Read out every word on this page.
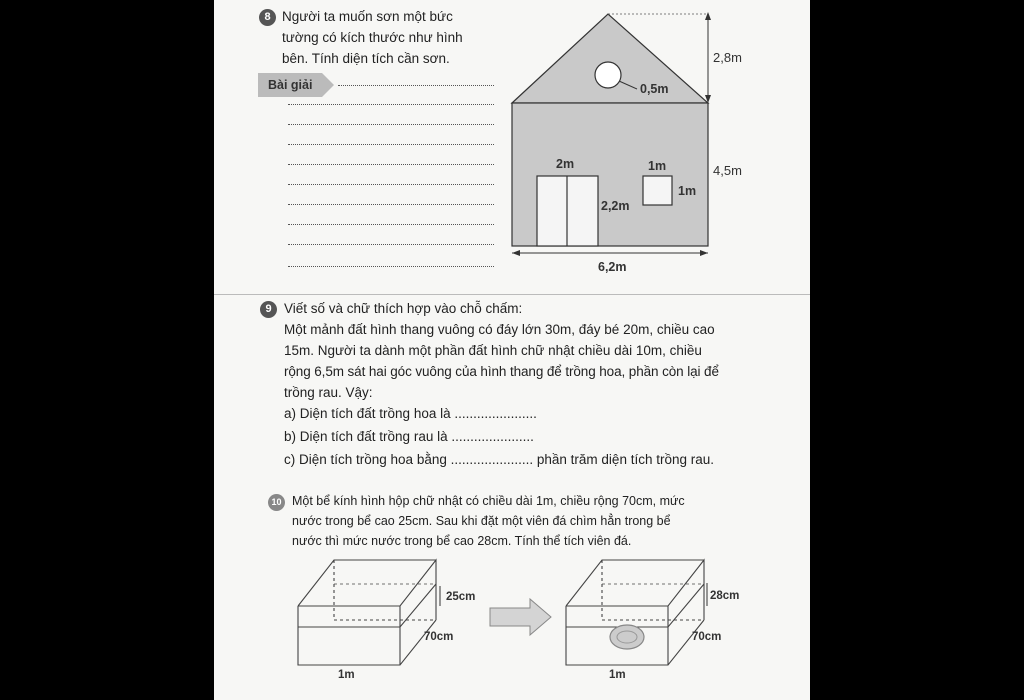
8 Người ta muốn sơn một bức
tường có kích thước như hình
bên. Tính diện tích cần sơn.
Bài giải
2,8m
0,5m
4,5m
2m
2,2m
1m
1m
6,2m
9 Viết số và chữ thích hợp vào chỗ chấm:
Một mảnh đất hình thang vuông có đáy lớn 30m, đáy bé 20m, chiều cao
15m. Người ta dành một phần đất hình chữ nhật chiều dài 10m, chiều
rộng 6,5m sát hai góc vuông của hình thang để trồng hoa, phần còn lại để
trồng rau. Vậy:
a) Diện tích đất trồng hoa là ......................
b) Diện tích đất trồng rau là ......................
c) Diện tích trồng hoa bằng ...................... phần trăm diện tích trồng rau.
10 Một bể kính hình hộp chữ nhật có chiều dài 1m, chiều rộng 70cm, mức
nước trong bể cao 25cm. Sau khi đặt một viên đá chìm hẳn trong bể
nước thì mức nước trong bể cao 28cm. Tính thể tích viên đá.
25cm
70cm
1m
28cm
70cm
1m
